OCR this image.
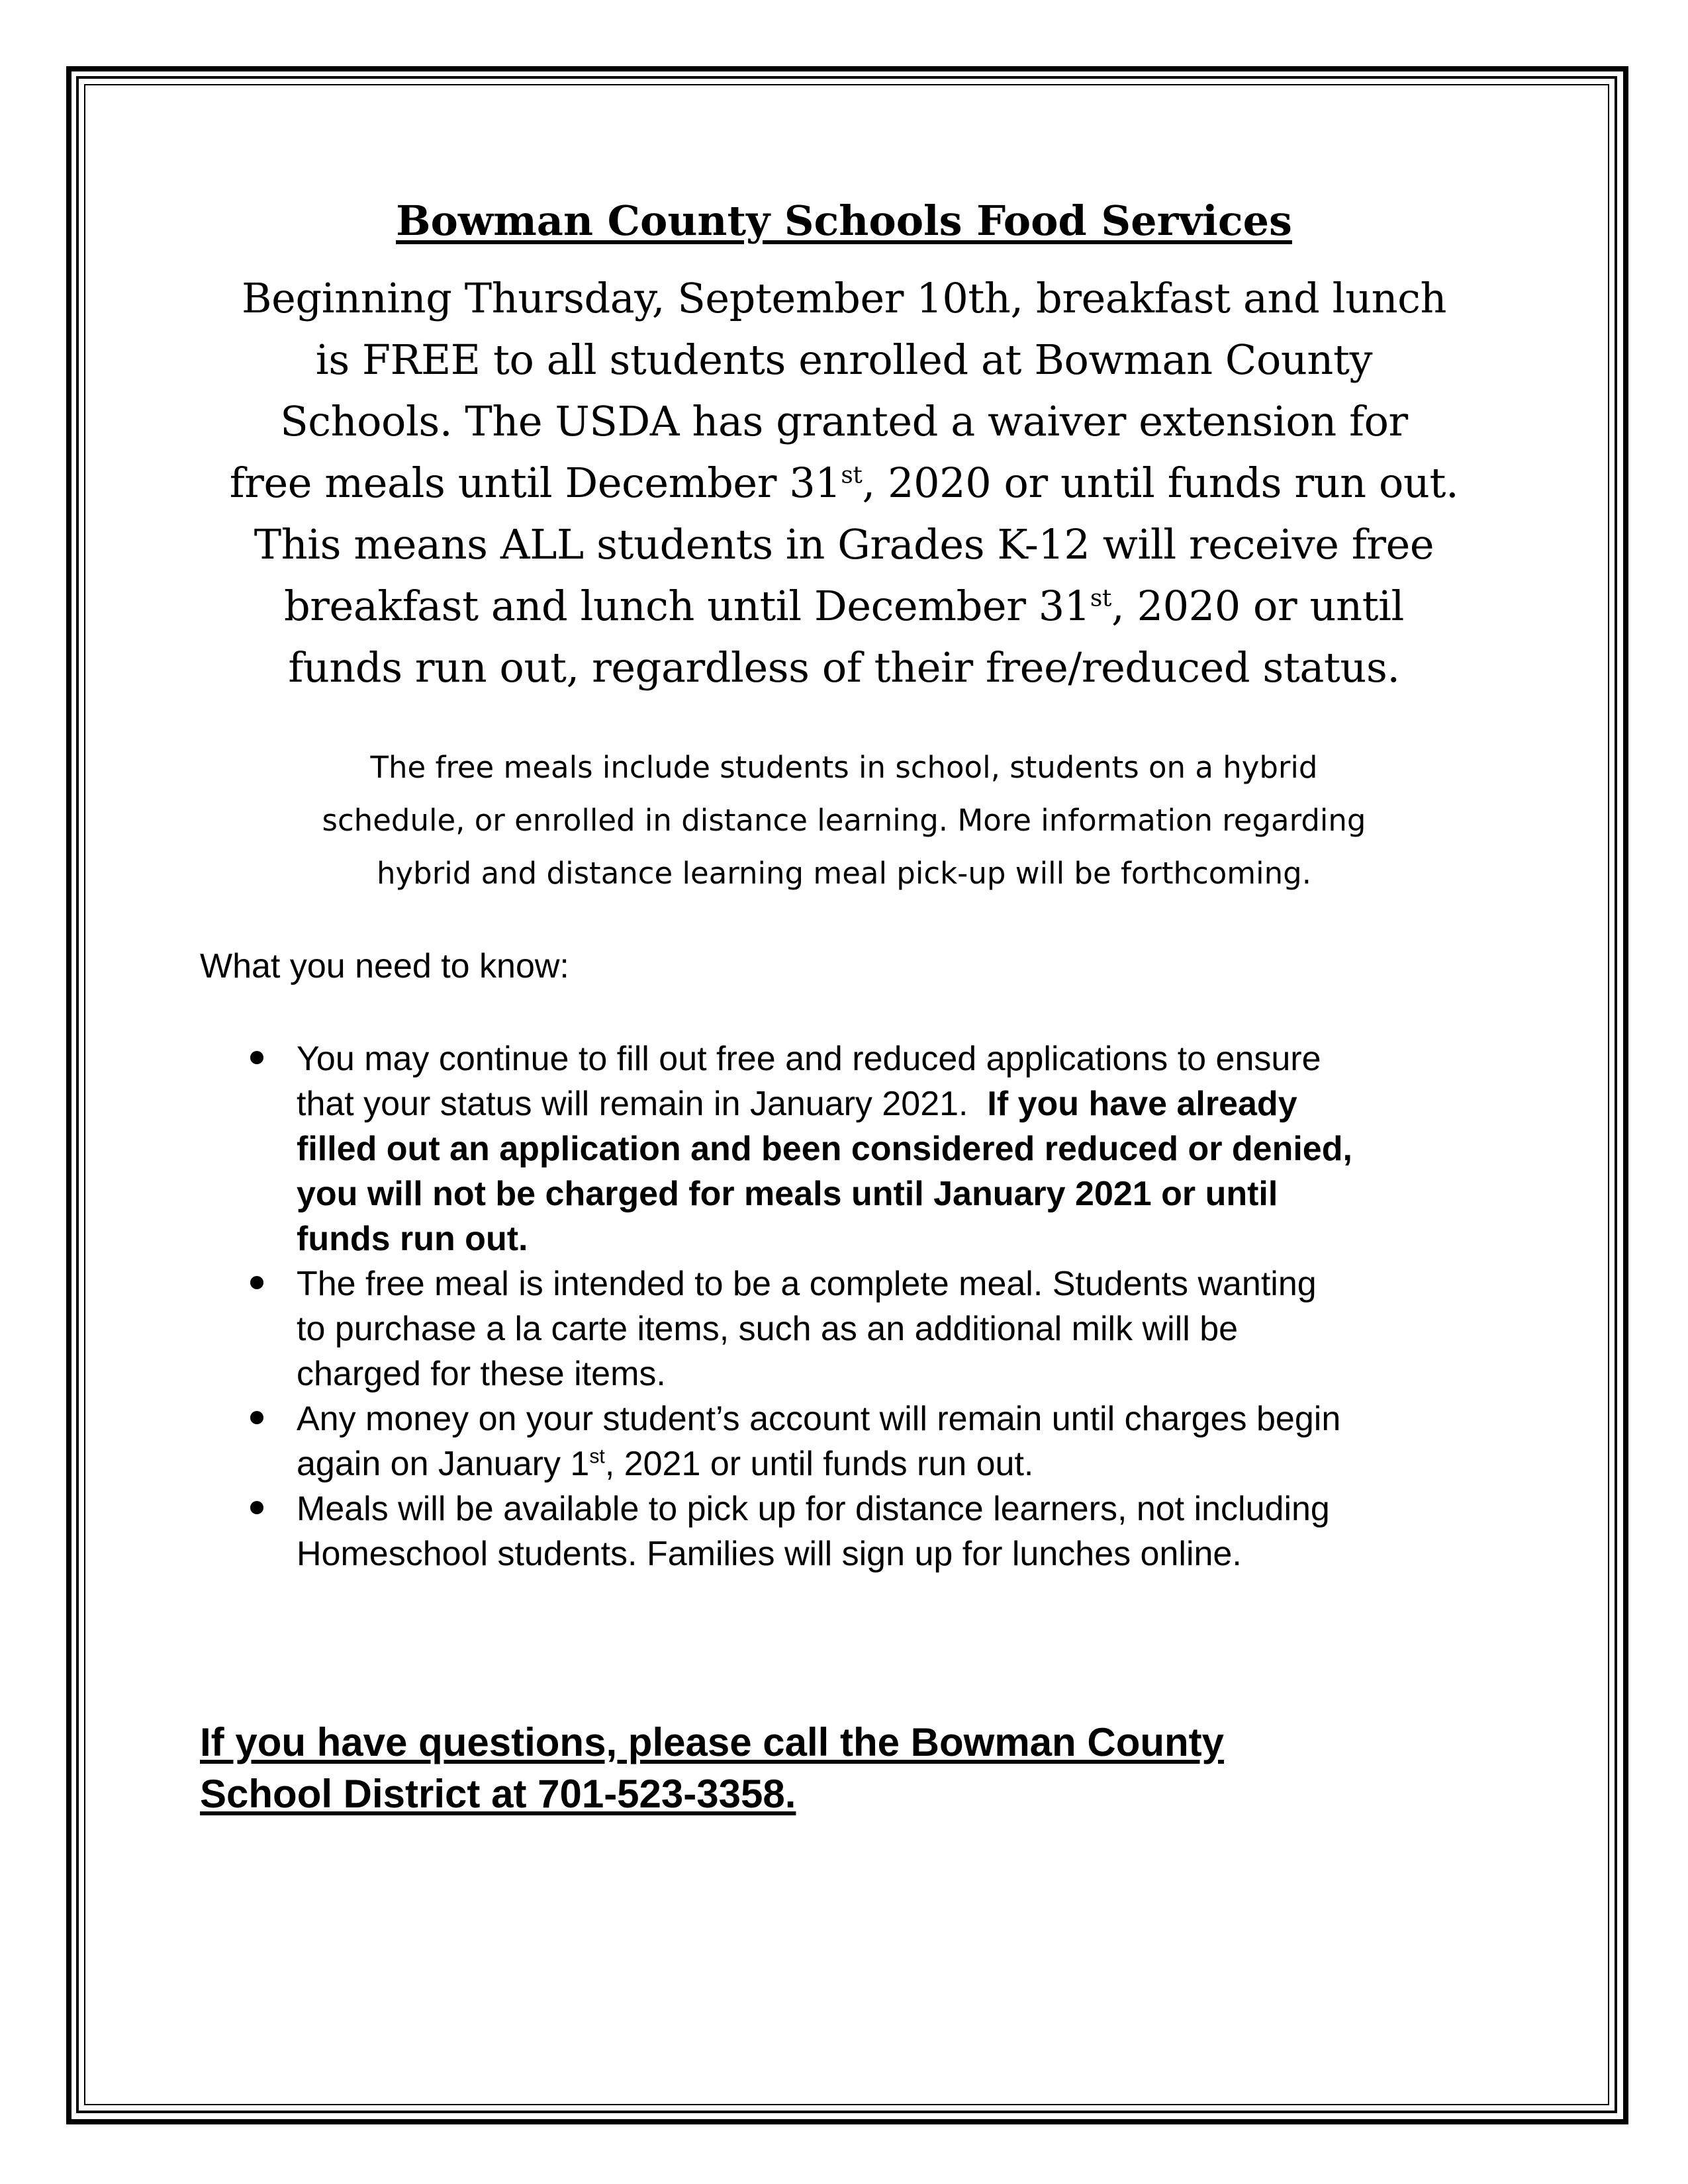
Bowman County Schools Food Services

Beginning Thursday, September 10th, breakfast and lunch

is FREE to all students enrolled at Bowman County

Schools. The USDA has granted a waiver extension for

free meals until December 31st, 2020 or until funds run out.

This means ALL students in Grades K-12 will receive free

breakfast and lunch until December 31st, 2020 or until

funds run out, regardless of their free/reduced status.

The free meals include students in school, students on a hybrid

schedule, or enrolled in distance learning. More information regarding

hybrid and distance learning meal pick-up will be forthcoming.

What you need to know:

You may continue to fill out free and reduced applications to ensure
that your status will remain in January 2021.  If you have already
filled out an application and been considered reduced or denied,
you will not be charged for meals until January 2021 or until
funds run out.
The free meal is intended to be a complete meal. Students wanting
to purchase a la carte items, such as an additional milk will be
charged for these items.
Any money on your student’s account will remain until charges begin
again on January 1st, 2021 or until funds run out.
Meals will be available to pick up for distance learners, not including
Homeschool students. Families will sign up for lunches online.
If you have questions, please call the Bowman County
School District at 701-523-3358.
